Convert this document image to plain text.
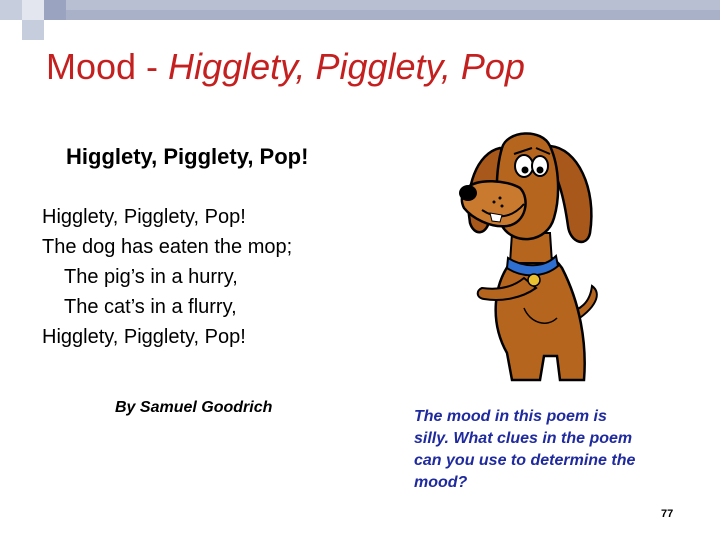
Mood - Higglety, Pigglety, Pop
Higglety, Pigglety, Pop!
Higglety, Pigglety, Pop!
The dog has eaten the mop;
The pig’s in a hurry,
The cat’s in a flurry,
Higglety, Pigglety, Pop!
By Samuel Goodrich
The mood in this poem is silly. What clues in the poem can you use to determine the mood?
77
